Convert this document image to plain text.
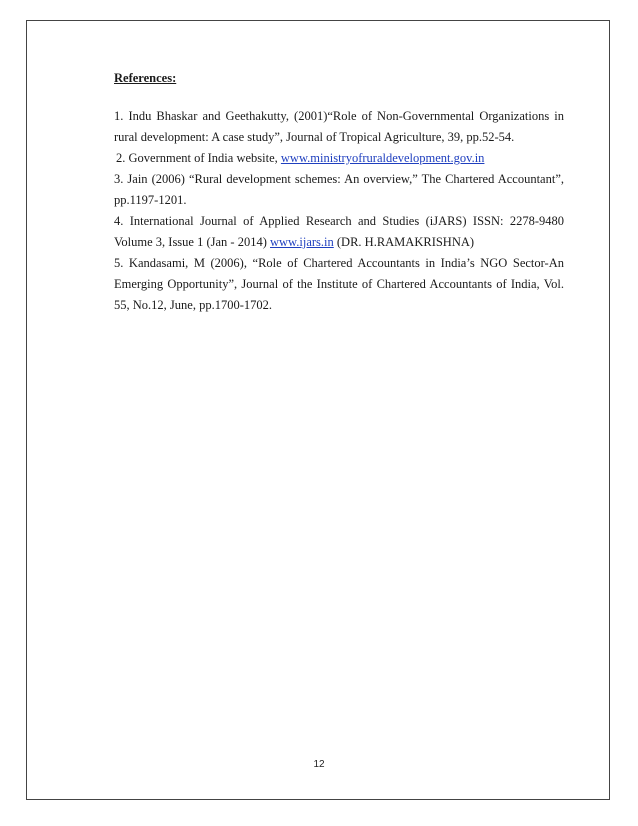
References:

1. Indu Bhaskar and Geethakutty, (2001)“Role of Non-Governmental Organizations in rural development: A case study”, Journal of Tropical Agriculture, 39, pp.52-54.

2. Government of India website, www.ministryofruraldevelopment.gov.in

3. Jain (2006) “Rural development schemes: An overview,” The Chartered Accountant”, pp.1197-1201.

4. International Journal of Applied Research and Studies (iJARS) ISSN: 2278-9480 Volume 3, Issue 1 (Jan - 2014) www.ijars.in (DR. H.RAMAKRISHNA)

5. Kandasami, M (2006), “Role of Chartered Accountants in India’s NGO Sector-An Emerging Opportunity”, Journal of the Institute of Chartered Accountants of India, Vol. 55, No.12, June, pp.1700-1702.

12
